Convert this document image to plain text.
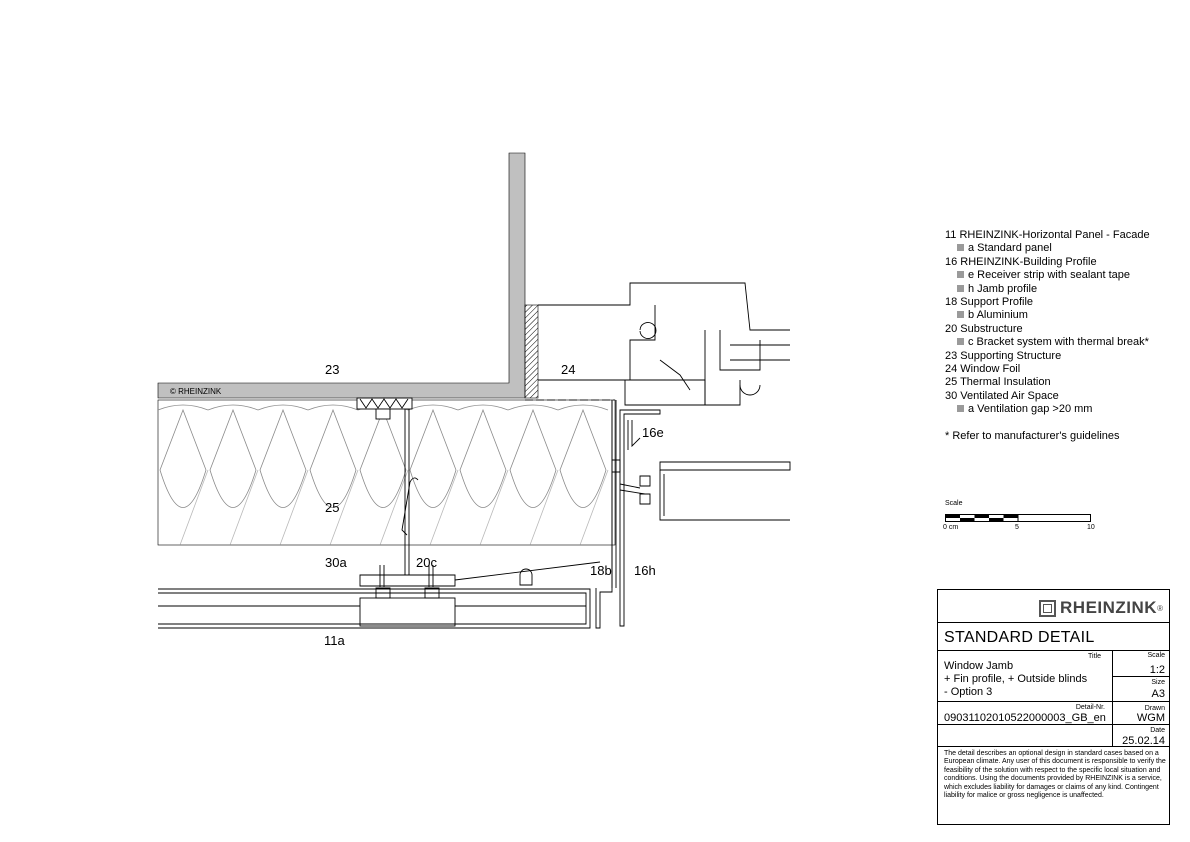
23	24
25
30a	20c
18b 16h
16e
11a
© RHEINZINK
11 RHEINZINK-Horizontal Panel - Facade
a Standard panel
16 RHEINZINK-Building Profile
e Receiver strip with sealant tape
h Jamb profile
18 Support Profile
b Aluminium
20 Substructure
c Bracket system with thermal break*
23 Supporting Structure
24 Window Foil
25 Thermal Insulation
30 Ventilated Air Space
a Ventilation gap >20 mm
* Refer to manufacturer's guidelines
Scale
0 cm	5	10
RHEINZINK ®
STANDARD DETAIL
Title
Window Jamb
+ Fin profile, + Outside blinds
- Option 3
Scale
1:2
Size
A3
Detail-Nr.
09031102010522000003_GB_en
Drawn
WGM
Date
25.02.14
The detail describes an optional design in standard cases based on a European climate. Any user of this document is responsible to verify the feasibility of the solution with respect to the specific local situation and conditions. Using the documents provided by RHEINZINK is a service, which excludes liability for damages or claims of any kind. Contingent liability for malice or gross negligence is unaffected.
